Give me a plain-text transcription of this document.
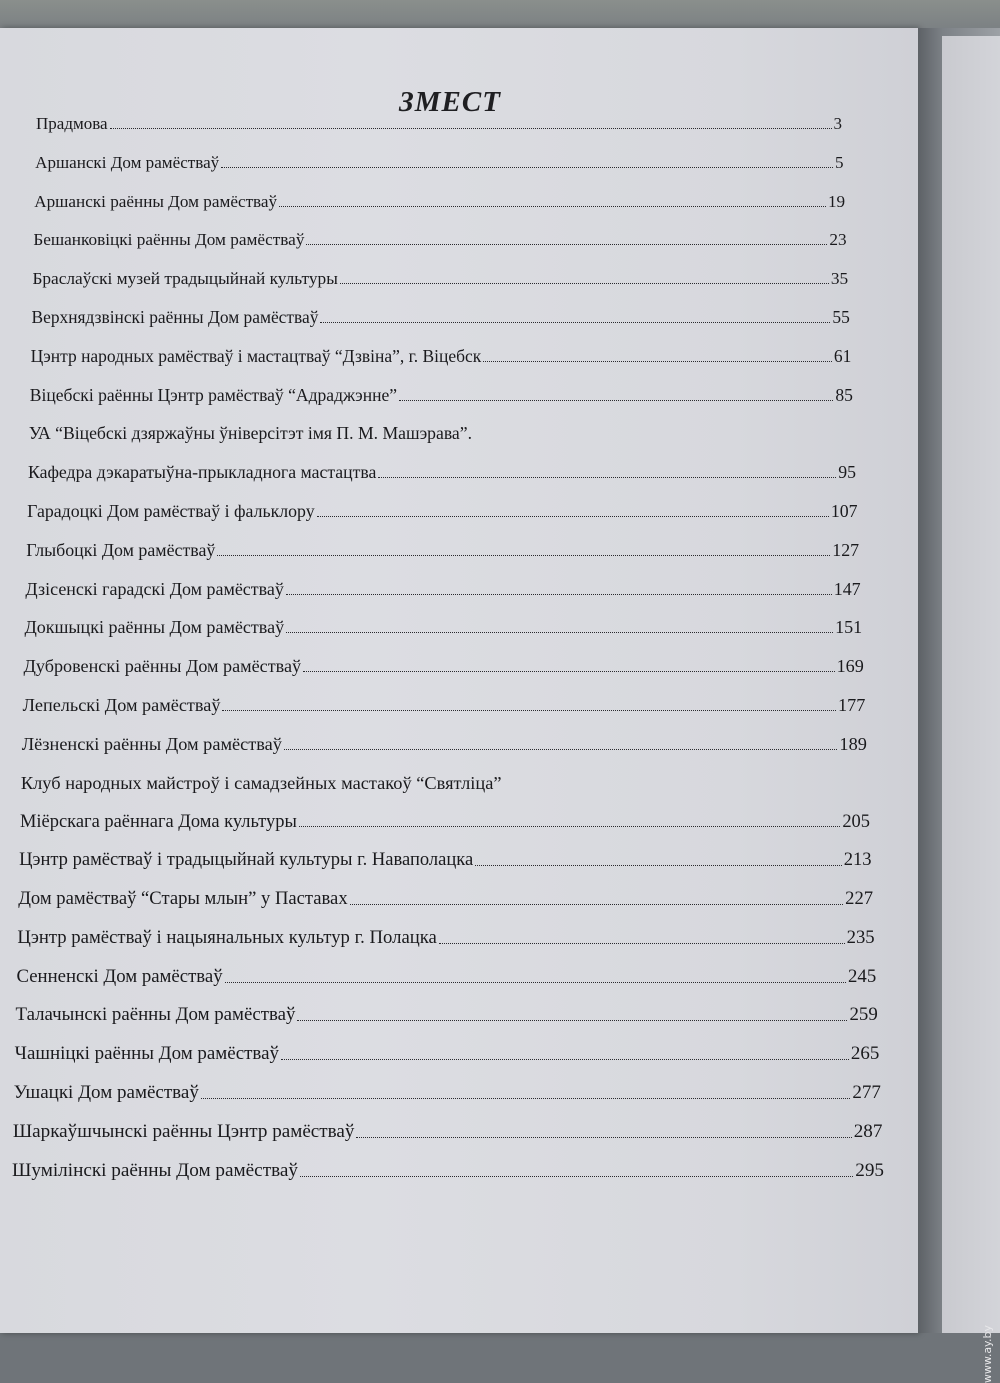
ЗМЕСТ
Прадмова	3
Аршанскі Дом рамёстваў	5
Аршанскі раённы Дом рамёстваў	19
Бешанковіцкі раённы Дом рамёстваў	23
Браслаўскі музей традыцыйнай культуры	35
Верхнядзвінскі раённы Дом рамёстваў	55
Цэнтр народных рамёстваў і мастацтваў “Дзвіна”, г. Віцебск	61
Віцебскі раённы Цэнтр рамёстваў “Адраджэнне”	85
УА “Віцебскі дзяржаўны ўніверсітэт імя П. М. Машэрава”.
Кафедра дэкаратыўна-прыкладнога мастацтва	95
Гарадоцкі Дом рамёстваў і фальклору	107
Глыбоцкі Дом рамёстваў	127
Дзісенскі гарадскі Дом рамёстваў	147
Докшыцкі раённы Дом рамёстваў	151
Дубровенскі раённы Дом рамёстваў	169
Лепельскі Дом рамёстваў	177
Лёзненскі раённы Дом рамёстваў	189
Клуб народных майстроў і самадзейных мастакоў “Святліца”
Міёрскага раённага Дома культуры	205
Цэнтр рамёстваў і традыцыйнай культуры г. Наваполацка	213
Дом рамёстваў “Стары млын” у Паставах	227
Цэнтр рамёстваў і нацыянальных культур г. Полацка	235
Сенненскі Дом рамёстваў	245
Талачынскі раённы Дом рамёстваў	259
Чашніцкі раённы Дом рамёстваў	265
Ушацкі Дом рамёстваў	277
Шаркаўшчынскі раённы Цэнтр рамёстваў	287
Шумілінскі раённы Дом рамёстваў	295
www.ay.by
